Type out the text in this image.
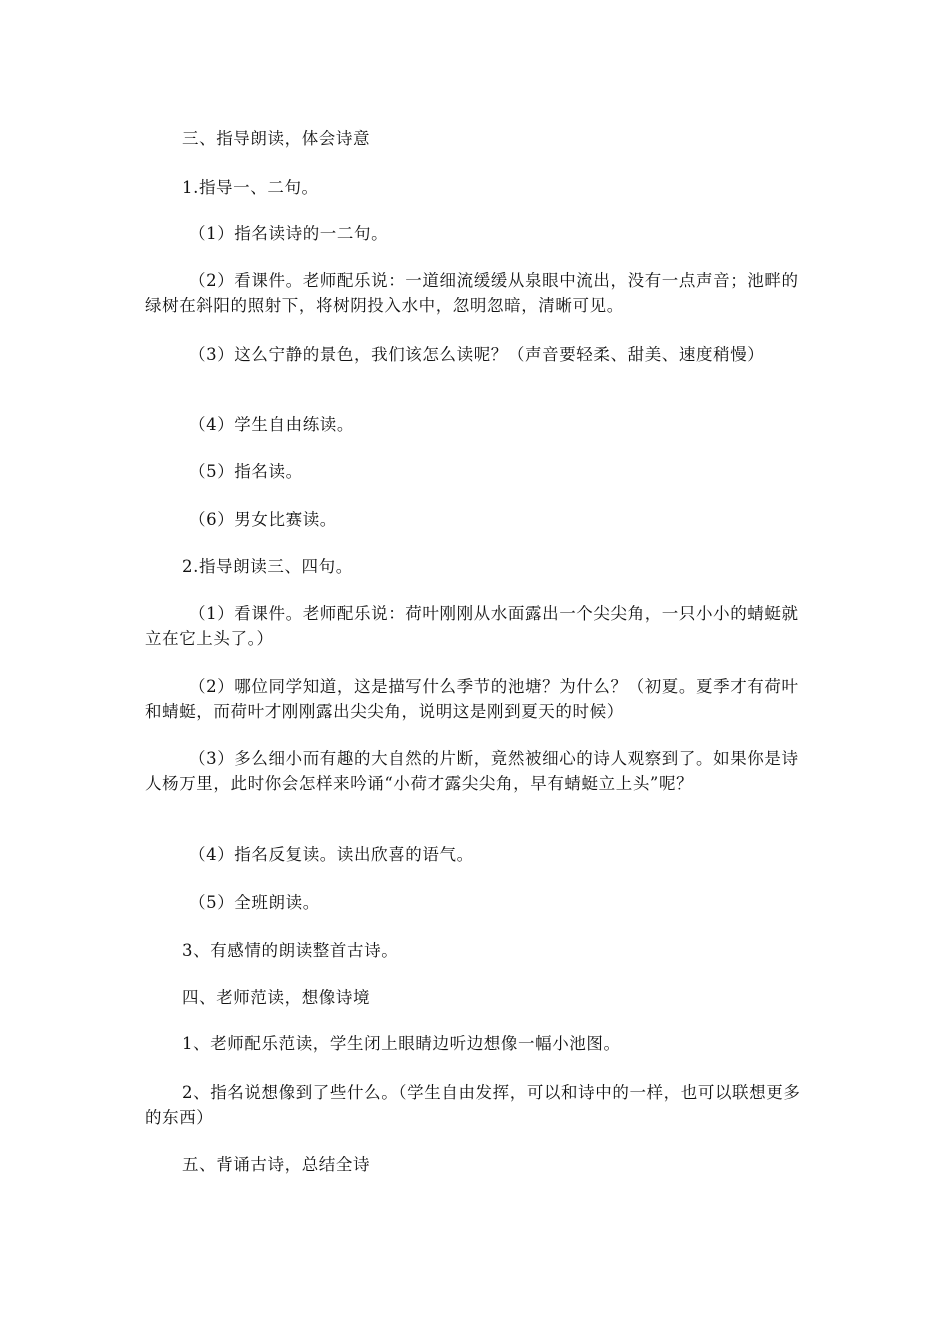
三、指导朗读，体会诗意

1.指导一、二句。

（1）指名读诗的一二句。

（2）看课件。老师配乐说：一道细流缓缓从泉眼中流出，没有一点声音；池畔的绿树在斜阳的照射下，将树阴投入水中，忽明忽暗，清晰可见。

（3）这么宁静的景色，我们该怎么读呢？（声音要轻柔、甜美、速度稍慢）

（4）学生自由练读。

（5）指名读。

（6）男女比赛读。

2.指导朗读三、四句。

（1）看课件。老师配乐说：荷叶刚刚从水面露出一个尖尖角，一只小小的蜻蜓就立在它上头了。）

（2）哪位同学知道，这是描写什么季节的池塘？为什么？（初夏。夏季才有荷叶和蜻蜓，而荷叶才刚刚露出尖尖角，说明这是刚到夏天的时候）

（3）多么细小而有趣的大自然的片断，竟然被细心的诗人观察到了。如果你是诗人杨万里，此时你会怎样来吟诵“小荷才露尖尖角，早有蜻蜓立上头”呢？

（4）指名反复读。读出欣喜的语气。

（5）全班朗读。

3、有感情的朗读整首古诗。

四、老师范读，想像诗境

1、老师配乐范读，学生闭上眼睛边听边想像一幅小池图。

2、指名说想像到了些什么。（学生自由发挥，可以和诗中的一样，也可以联想更多的东西）

五、背诵古诗，总结全诗
